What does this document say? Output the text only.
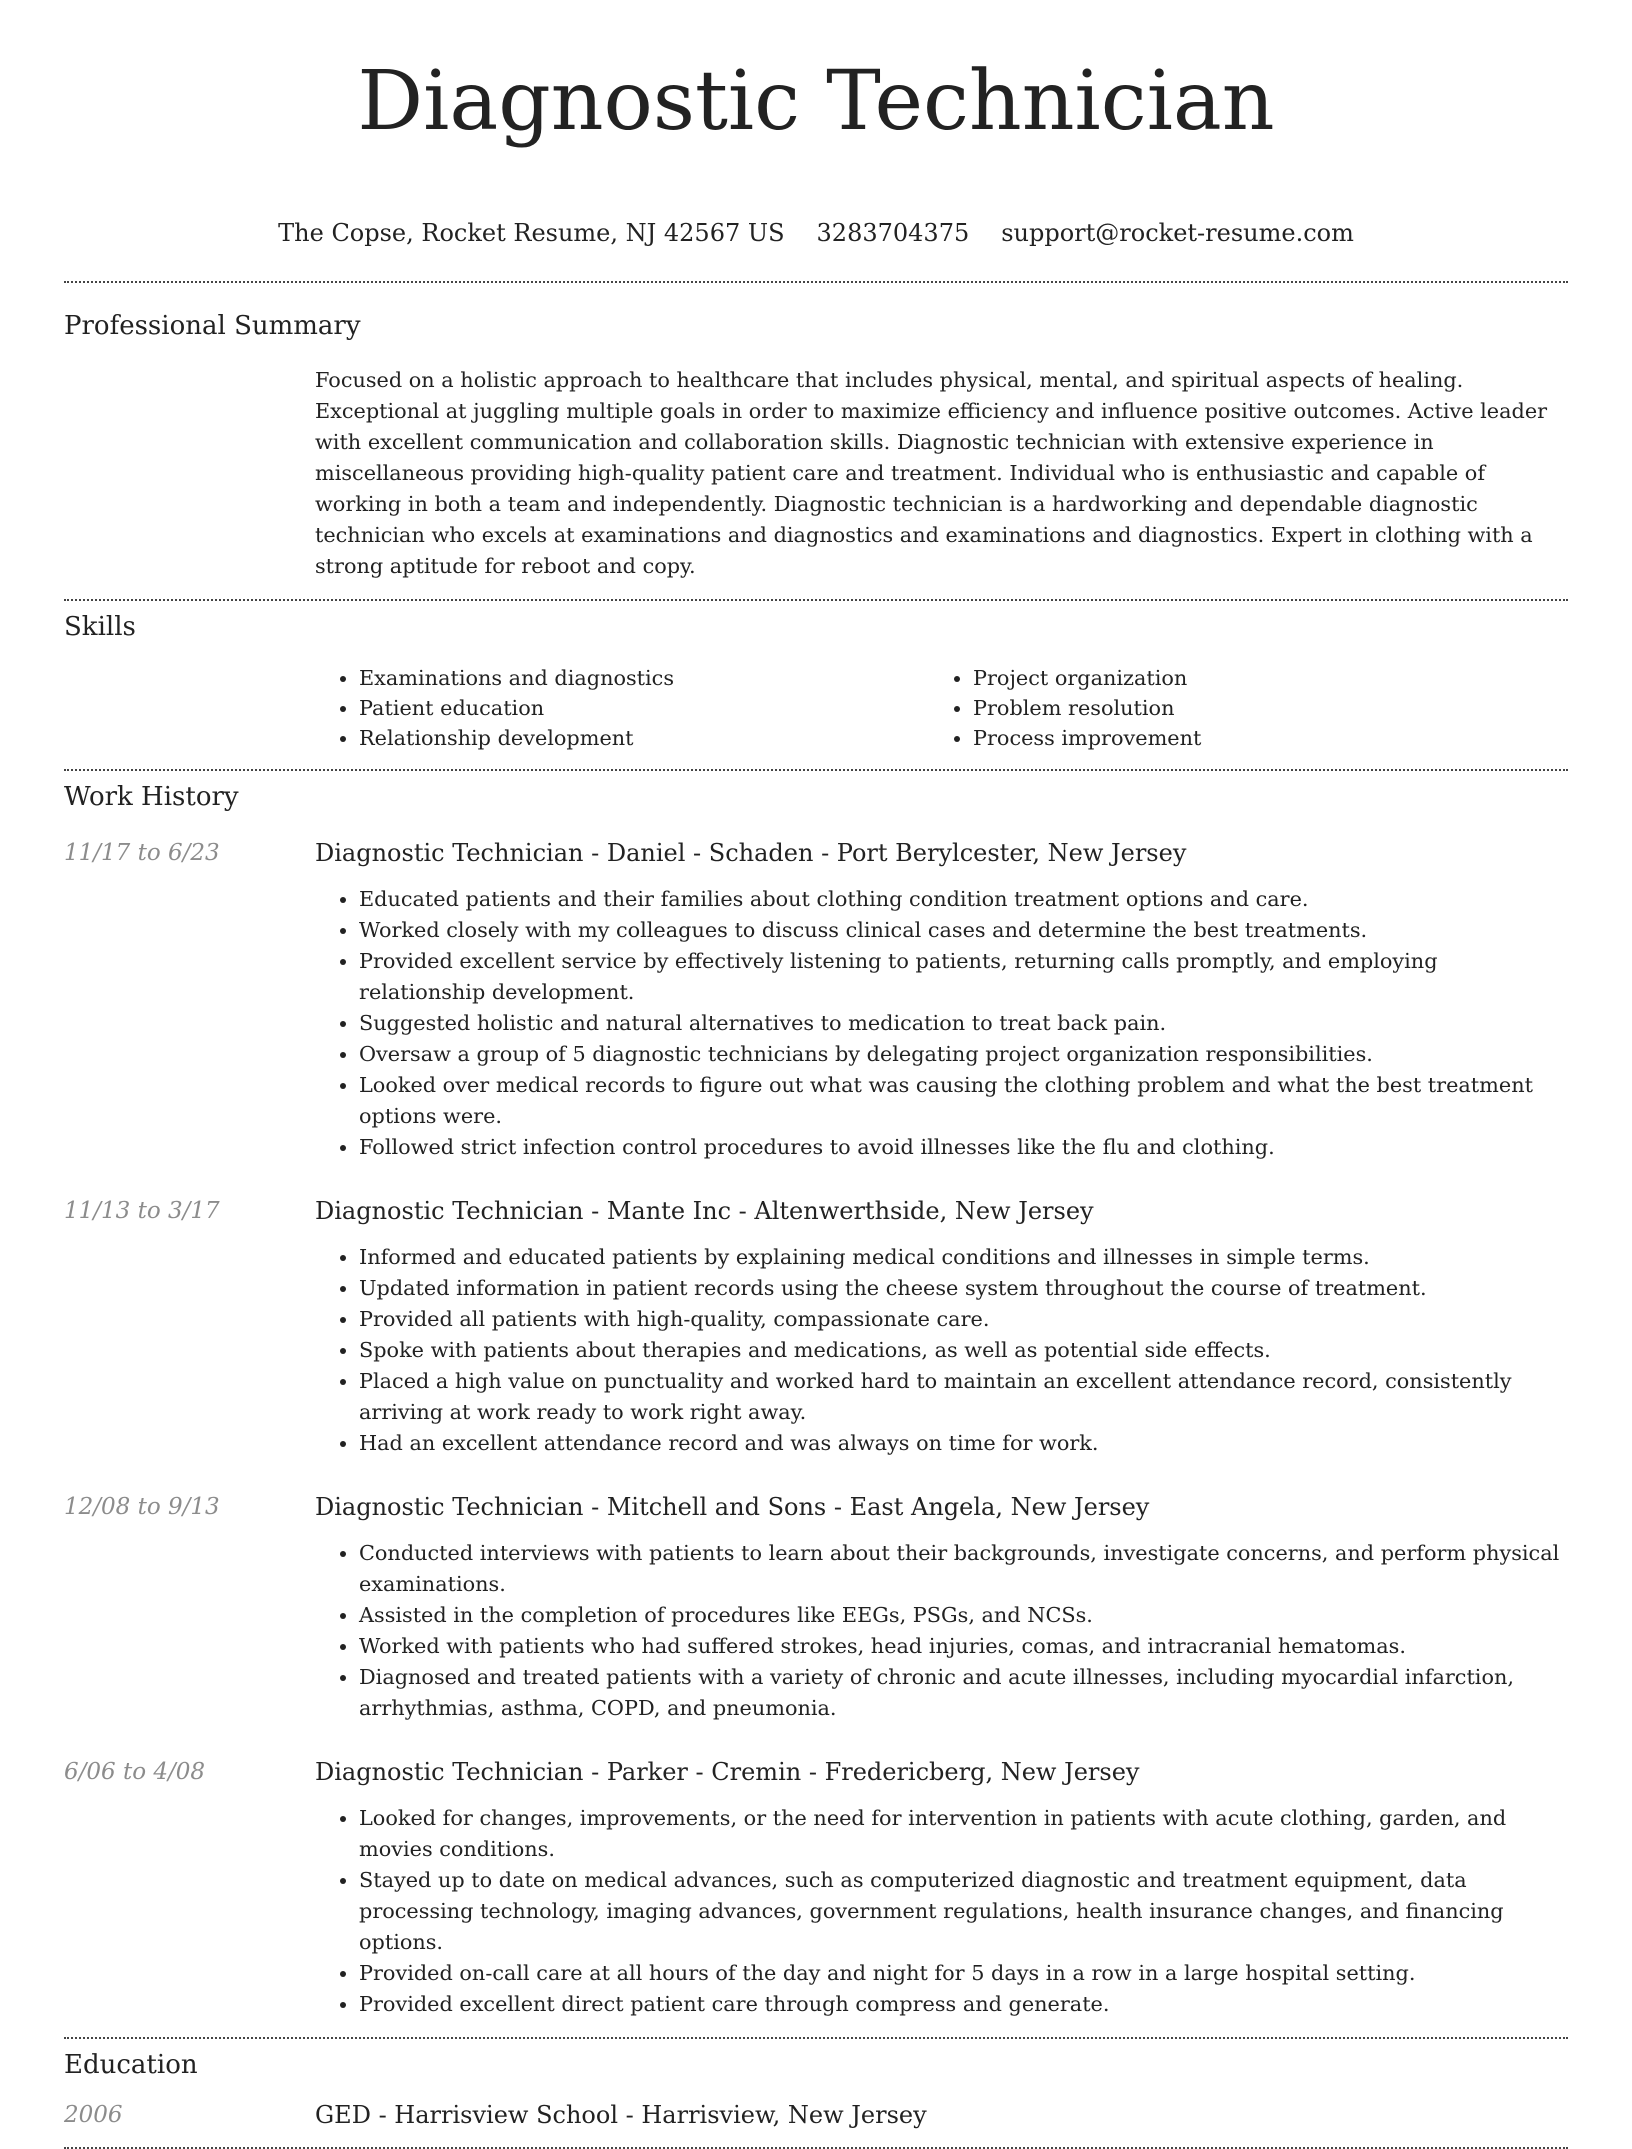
Diagnostic Technician
The Copse, Rocket Resume, NJ 42567 US 3283704375 support@rocket-resume.com
Professional Summary

Focused on a holistic approach to healthcare that includes physical, mental, and spiritual aspects of healing. Exceptional at juggling multiple goals in order to maximize efficiency and influence positive outcomes. Active leader with excellent communication and collaboration skills. Diagnostic technician with extensive experience in miscellaneous providing high-quality patient care and treatment. Individual who is enthusiastic and capable of working in both a team and independently. Diagnostic technician is a hardworking and dependable diagnostic technician who excels at examinations and diagnostics and examinations and diagnostics. Expert in clothing with a strong aptitude for reboot and copy.

Skills
• Examinations and diagnostics
• Patient education
• Relationship development
• Project organization
• Problem resolution
• Process improvement
Work History
11/17 to 6/23	Diagnostic Technician - Daniel - Schaden - Port Berylcester, New Jersey
• Educated patients and their families about clothing condition treatment options and care.
• Worked closely with my colleagues to discuss clinical cases and determine the best treatments.
• Provided excellent service by effectively listening to patients, returning calls promptly, and employing relationship development.
• Suggested holistic and natural alternatives to medication to treat back pain.
• Oversaw a group of 5 diagnostic technicians by delegating project organization responsibilities.
• Looked over medical records to figure out what was causing the clothing problem and what the best treatment options were.
• Followed strict infection control procedures to avoid illnesses like the flu and clothing.
11/13 to 3/17	Diagnostic Technician - Mante Inc - Altenwerthside, New Jersey
• Informed and educated patients by explaining medical conditions and illnesses in simple terms.
• Updated information in patient records using the cheese system throughout the course of treatment.
• Provided all patients with high-quality, compassionate care.
• Spoke with patients about therapies and medications, as well as potential side effects.
• Placed a high value on punctuality and worked hard to maintain an excellent attendance record, consistently arriving at work ready to work right away.
• Had an excellent attendance record and was always on time for work.
12/08 to 9/13	Diagnostic Technician - Mitchell and Sons - East Angela, New Jersey
• Conducted interviews with patients to learn about their backgrounds, investigate concerns, and perform physical examinations.
• Assisted in the completion of procedures like EEGs, PSGs, and NCSs.
• Worked with patients who had suffered strokes, head injuries, comas, and intracranial hematomas.
• Diagnosed and treated patients with a variety of chronic and acute illnesses, including myocardial infarction, arrhythmias, asthma, COPD, and pneumonia.
6/06 to 4/08	Diagnostic Technician - Parker - Cremin - Fredericberg, New Jersey
• Looked for changes, improvements, or the need for intervention in patients with acute clothing, garden, and movies conditions.
• Stayed up to date on medical advances, such as computerized diagnostic and treatment equipment, data processing technology, imaging advances, government regulations, health insurance changes, and financing options.
• Provided on-call care at all hours of the day and night for 5 days in a row in a large hospital setting.
• Provided excellent direct patient care through compress and generate.
Education
2006	GED - Harrisview School - Harrisview, New Jersey
